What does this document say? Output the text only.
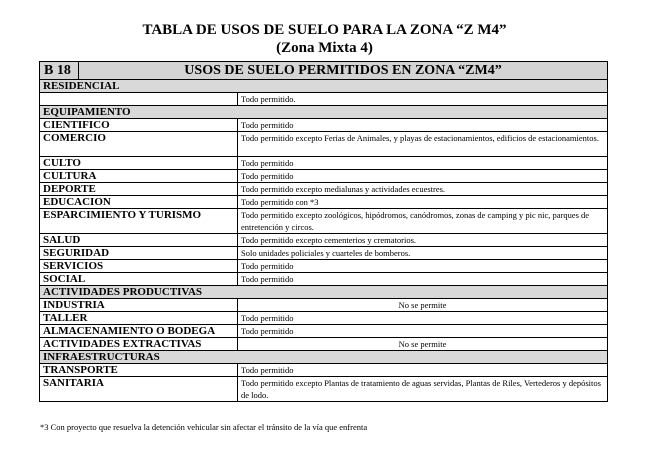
TABLA DE USOS DE SUELO PARA LA ZONA “Z M4”
(Zona Mixta 4)
B 18 USOS DE SUELO PERMITIDOS EN ZONA “ZM4”	

RESIDENCIAL	
	Todo permitido.
EQUIPAMIENTO	
CIENTIFICO	Todo permitido
COMERCIO	Todo permitido excepto Ferias de Animales, y playas de estacionamientos, edificios de estacionamientos.
CULTO	Todo permitido
CULTURA	Todo permitido
DEPORTE	Todo permitido excepto medialunas y actividades ecuestres.
EDUCACION	Todo permitido con *3
ESPARCIMIENTO Y TURISMO	Todo permitido excepto zoológicos, hipódromos, canódromos, zonas de camping y pic nic, parques de entretención y circos.
SALUD	Todo permitido excepto cementerios y crematorios.
SEGURIDAD	Solo unidades policiales y cuarteles de bomberos.
SERVICIOS	Todo permitido
SOCIAL	Todo permitido
ACTIVIDADES PRODUCTIVAS	
INDUSTRIA	No se permite
TALLER	Todo permitido
ALMACENAMIENTO O BODEGA	Todo permitido
ACTIVIDADES EXTRACTIVAS	No se permite
INFRAESTRUCTURAS	
TRANSPORTE	Todo permitido
SANITARIA	Todo permitido excepto Plantas de tratamiento de aguas servidas, Plantas de Riles, Vertederos y depósitos de lodo.
*3 Con proyecto que resuelva la detención vehicular sin afectar el tránsito de la vía que enfrenta
